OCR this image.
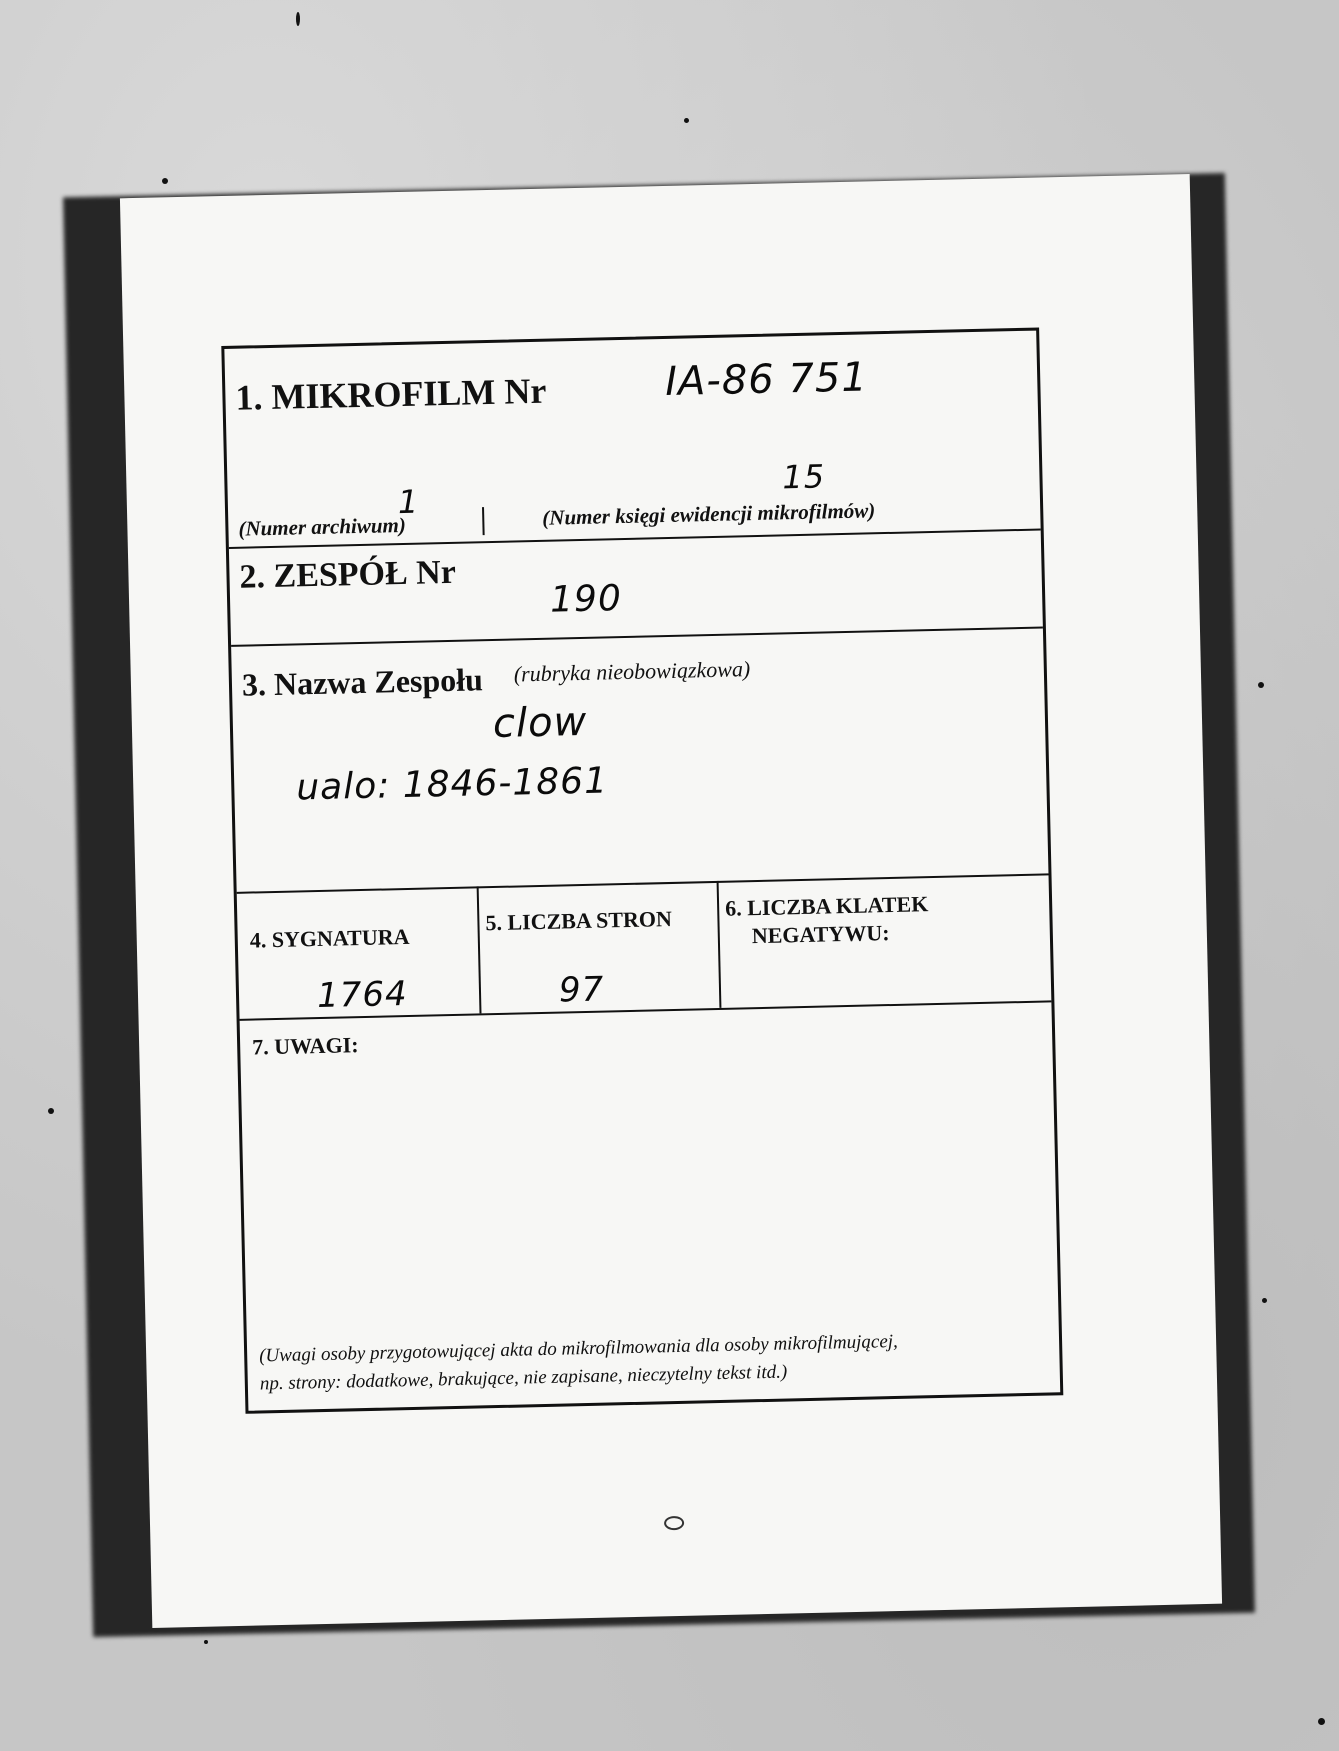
1. MIKROFILM Nr	IA-86 751
1
15
(Numer archiwum)	(Numer księgi ewidencji mikrofilmów)
2. ZESPÓŁ Nr
190
3. Nazwa Zespołu (rubryka nieobowiązkowa)
clow
ualo: 1846-1861
4. SYGNATURA
1764
5. LICZBA STRON
97
6. LICZBA KLATEK
NEGATYWU:
7. UWAGI:
(Uwagi osoby przygotowującej akta do mikrofilmowania dla osoby mikrofilmującej,
np. strony: dodatkowe, brakujące, nie zapisane, nieczytelny tekst itd.)
